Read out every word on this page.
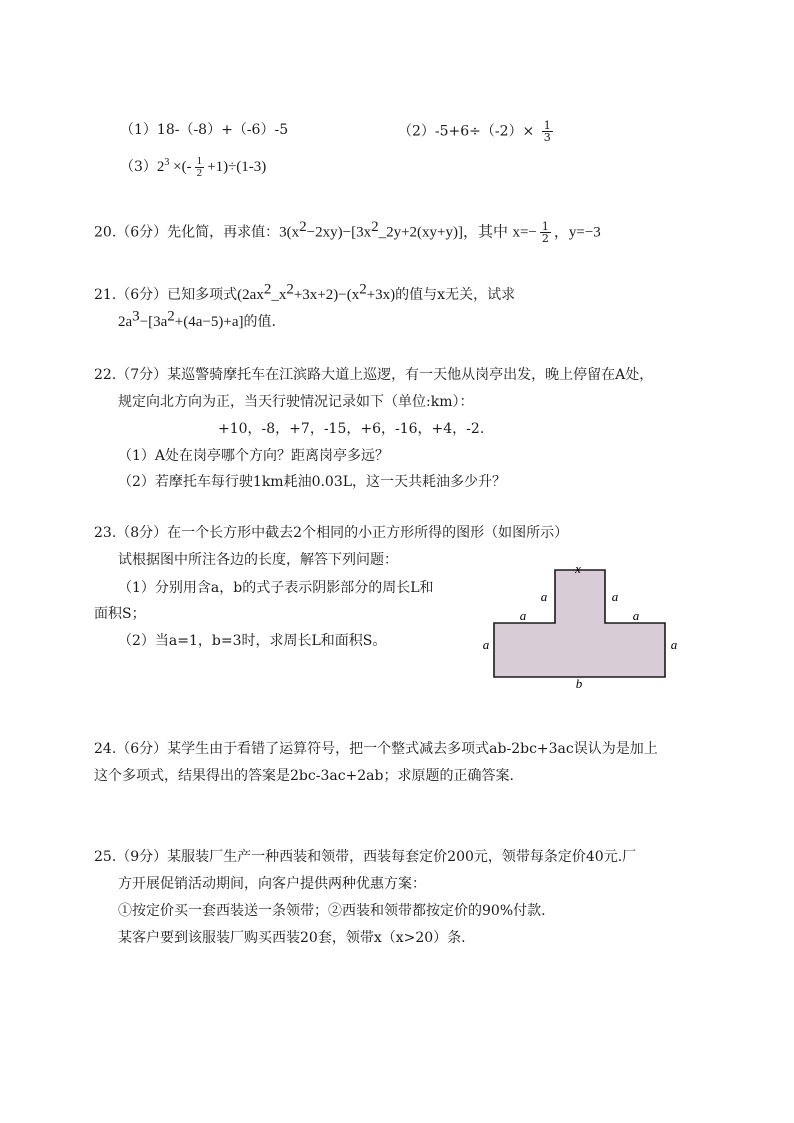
（1）18-（-8）+（-6）-5	$(2)-5+6\div(-2)\times \frac{1}{3}$
$(3)2^3$ ×(- $\frac{1}{2} +1)\div(1-3)$
20.（6分）先化简，再求值：$3(x^2-2xy)-[3x^2\_2y+2(xy+y)]$，其中 $x=- \frac{1}{2}$ ，y=−3
21.（6分）已知多项式$(2ax^2\_x^2+3x+2)-(x^2+3x)$的值与x无关，试求
$2a^3-[3a^2+(4a-5)+a]$的值.
22.（7分）某巡警骑摩托车在江滨路大道上巡逻，有一天他从岗亭出发，晚上停留在A处，
规定向北方向为正，当天行驶情况记录如下（单位:km）：
+10，-8，+7，-15，+6，-16，+4，-2.
（1）A处在岗亭哪个方向？距离岗亭多远？
（2）若摩托车每行驶1km耗油0.03L，这一天共耗油多少升？
23.（8分）在一个长方形中截去2个相同的小正方形所得的图形（如图所示）
试根据图中所注各边的长度，解答下列问题：
（1）分别用含a，b的式子表示阴影部分的周长L和
面积S；
（2）当a=1，b=3时，求周长L和面积S。
x
a	a
a	a
a	a
b
24.（6分）某学生由于看错了运算符号，把一个整式减去多项式ab-2bc+3ac误认为是加上
这个多项式，结果得出的答案是2bc-3ac+2ab；求原题的正确答案.
25.（9分）某服装厂生产一种西装和领带，西装每套定价200元，领带每条定价40元.厂
方开展促销活动期间，向客户提供两种优惠方案：
①按定价买一套西装送一条领带；②西装和领带都按定价的90%付款.
某客户要到该服装厂购买西装20套，领带x（x>20）条.
